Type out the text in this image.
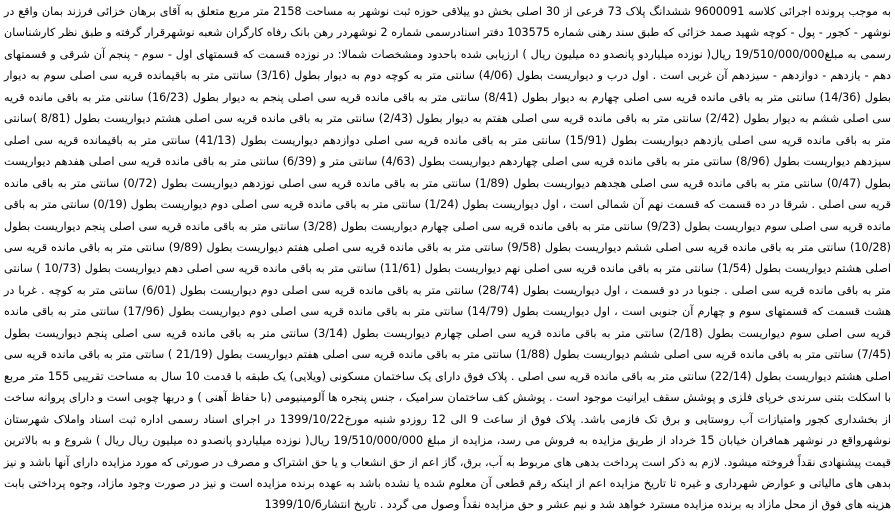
به موجب پرونده اجرائی کلاسه 9600091 ششدانگ پلاک 73 فرعی از 30 اصلی بخش دو ییلاقی حوزه ثبت نوشهر به مساحت 2158 متر مربع متعلق به آقای برهان خزائی فرزند بمان واقع در نوشهر - کجور - پول - کوچه شهید صمد خزائی که طبق سند رهنی شماره 103575 دفتر اسنادرسمی شماره 2 نوشهردر رهن بانک رفاه کارگران شعبه نوشهرقرار گرفته و طبق نظر کارشناسان رسمی به مبلغ19/510/000/000 ریال( نوزده میلیاردو پانصدو ده میلیون ریال ) ارزیابی شده باحدود ومشخصات شمالا: در نوزده قسمت که قسمتهای اول - سوم - پنجم آن شرقی و قسمتهای دهم - یازدهم - دوازدهم - سیزدهم آن غربی است . اول درب و دیواریست بطول (4/06) سانتی متر به کوچه دوم به دیوار بطول (3/16) سانتی متر به باقیمانده قریه سی اصلی سوم به دیوار بطول (14/36) سانتی متر به باقی مانده قریه سی اصلی چهارم به دیوار بطول (8/41) سانتی متر به باقی مانده قریه سی اصلی پنجم به دیوار بطول (16/23) سانتی متر به باقی مانده قریه سی اصلی ششم به دیوار بطول (2/42) سانتی متر به باقی مانده قریه سی اصلی هفتم به دیوار بطول (2/43) سانتی متر به باقی مانده قریه سی اصلی هشتم دیواریست بطول (8/81 )سانتی متر به باقی مانده قریه سی اصلی یازدهم دیواریست بطول (15/91) سانتی متر به باقی مانده قریه سی اصلی دوازدهم دیواریست بطول (41/13) سانتی متر به باقیمانده قریه سی اصلی سیزدهم دیواریست بطول (8/96) سانتی متر به باقی مانده قریه سی اصلی چهاردهم دیواریست بطول (4/63) سانتی متر و (6/39) سانتی متر به باقی مانده قریه سی اصلی هفدهم دیواریست بطول (0/47) سانتی متر به باقی مانده قریه سی اصلی هجدهم دیواریست بطول (1/89) سانتی متر به باقی مانده قریه سی اصلی نوزدهم دیواریست بطول (0/72) سانتی متر به باقی مانده قریه سی اصلی . شرقا در ده قسمت که قسمت نهم آن شمالی است ، اول دیواریست بطول (1/24) سانتی متر به باقی مانده قریه سی اصلی دوم دیواریست بطول (0/19) سانتی متر به باقی مانده قریه سی اصلی سوم دیواریست بطول (9/23) سانتی متر به باقی مانده قریه سی اصلی چهارم دیواریست بطول (3/28) سانتی متر به باقی مانده قریه سی اصلی پنجم دیواریست بطول (10/28) سانتی متر به باقی مانده قریه سی اصلی ششم دیواریست بطول (9/58) سانتی متر به باقی مانده قریه سی اصلی هفتم دیواریست بطول (9/89) سانتی متر به باقی مانده قریه سی اصلی هشتم دیواریست بطول (1/54) سانتی متر به باقی مانده قریه سی اصلی نهم دیواریست بطول (11/61) سانتی متر به باقی مانده قریه سی اصلی دهم دیواریست بطول (10/73 ) سانتی متر به باقی مانده قریه سی اصلی . جنوبا در دو قسمت ، اول دیواریست بطول (28/74) سانتی متر به باقی مانده قریه سی اصلی دوم دیواریست بطول (6/01) سانتی متر به کوچه . غربا در هشت قسمت که قسمتهای سوم و چهارم آن جنوبی است ، اول دیواریست بطول (14/79) سانتی متر به باقی مانده قریه سی اصلی دوم دیواریست بطول (17/96) سانتی متر به باقی مانده قریه سی اصلی سوم دیواریست بطول (2/18) سانتی متر به باقی مانده قریه سی اصلی چهارم دیواریست بطول (3/14) سانتی متر به باقی مانده قریه سی اصلی پنجم دیواریست بطول (7/45) سانتی متر به باقی مانده قریه سی اصلی ششم دیواریست بطول (1/88) سانتی متر به باقی مانده قریه سی اصلی هفتم دیواریست بطول (21/19 ) سانتی متر به باقی مانده قریه سی اصلی هشتم دیواریست بطول (22/14) سانتی متر به باقی مانده قریه سی اصلی . پلاک فوق دارای یک ساختمان مسکونی (ویلایی) یک طبقه با قدمت 10 سال به مساحت تقریبی 155 متر مربع با اسکلت بتنی سرندی خرپای فلزی و پوشش سقف ایرانیت موجود است . پوشش کف ساختمان سرامیک ، جنس پنجره ها آلومینیومی (با حفاظ آهنی ) و دربها چوبی است و دارای پروانه ساخت از بخشداری کجور وامتیازات آب روستایی و برق تک فازمی باشد. پلاک فوق از ساعت 9 الی 12 روزدو شنبه مورخ1399/10/22 در اجرای اسناد رسمی اداره ثبت اسناد واملاک شهرستان نوشهرواقع در نوشهر همافران خیابان 15 خرداد از طریق مزایده به فروش می رسد، مزایده از مبلغ 19/510/000/000 ریال( نوزده میلیاردو پانصدو ده میلیون ریال ریال ) شروع و به بالاترین قیمت پیشنهادی نقداً فروخته میشود. لازم به ذکر است پرداخت بدهی های مربوط به آب، برق، گاز اعم از حق انشعاب و یا حق اشتراک و مصرف در صورتی که مورد مزایده دارای آنها باشد و نیز بدهی های مالیاتی و عوارض شهرداری و غیره تا تاریخ مزایده اعم از اینکه رقم قطعی آن معلوم شده یا نشده باشد به عهده برنده مزایده است و نیز در صورت وجود مازاد، وجوه پرداختی بابت هزینه های فوق از محل مازاد به برنده مزایده مسترد خواهد شد و نیم عشر و حق مزایده نقداً وصول می گردد . تاریخ انتشار1399/10/6
